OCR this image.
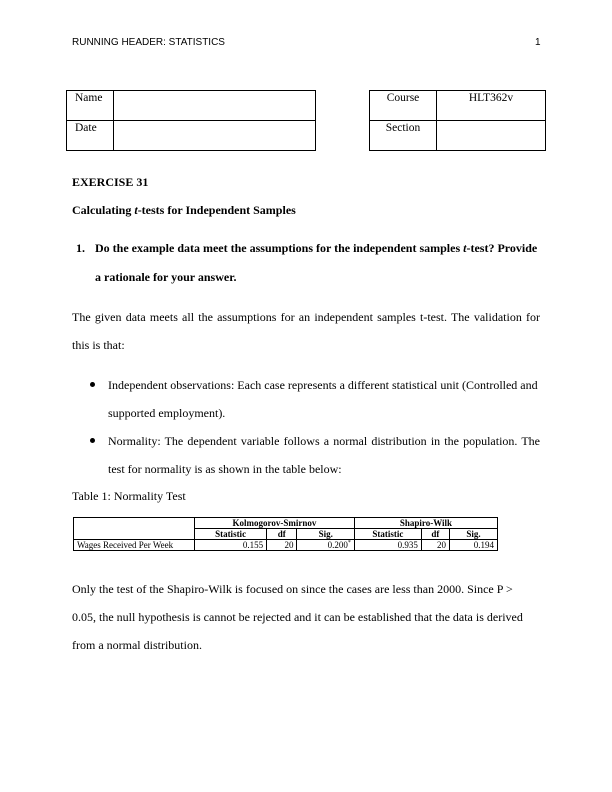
RUNNING HEADER: STATISTICS	1
Name	
Date	
Course	HLT362v
Section	
EXERCISE 31
Calculating t-tests for Independent Samples
1. Do the example data meet the assumptions for the independent samples t-test? Provide
a rationale for your answer.
The given data meets all the assumptions for an independent samples t-test. The validation for
this is that:
Independent observations: Each case represents a different statistical unit (Controlled and
supported employment).
Normality: The dependent variable follows a normal distribution in the population. The
test for normality is as shown in the table below:
Table 1: Normality Test
	Kolmogorov-Smirnov			Shapiro-Wilk		
	Statistic	df	Sig.	Statistic	df	Sig.
Wages Received Per Week	0.155	20	0.200*	0.935	20	0.194
Only the test of the Shapiro-Wilk is focused on since the cases are less than 2000. Since P >
0.05, the null hypothesis is cannot be rejected and it can be established that the data is derived
from a normal distribution.
